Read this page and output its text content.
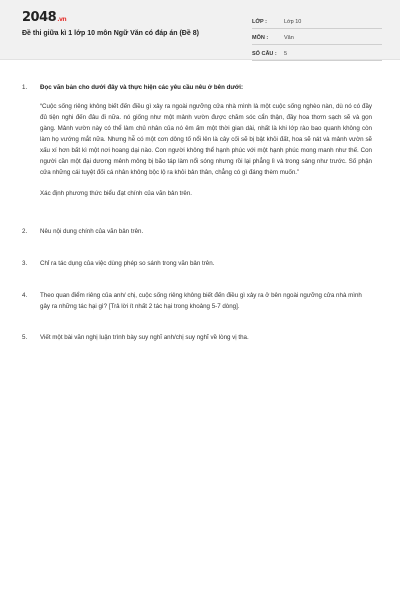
2048.vn
Đề thi giữa kì 1 lớp 10 môn Ngữ Văn có đáp án (Đề 8)
LỚP :	Lớp 10
MÔN :	Văn
SỐ CÂU :	5
1.	Đọc văn bản cho dưới đây và thực hiện các yêu cầu nêu ở bên dưới:
“Cuộc sống riêng không biết đến điều gì xảy ra ngoài ngưỡng cửa nhà mình là một cuộc sống nghèo nàn, dù nó có đầy đủ tiện nghi đến đâu đi nữa. nó giống như một mảnh vườn được chăm sóc cẩn thận, đầy hoa thơm sạch sẽ và gọn gàng. Mảnh vườn này có thể làm chủ nhân của nó êm ấm một thời gian dài, nhất là khi lớp rào bao quanh không còn làm họ vướng mắt nữa. Nhưng hễ có một cơn dông tố nổi lên là cây cối sẽ bị bật khỏi đất, hoa sẽ nát và mảnh vườn sẽ xấu xí hơn bất kì một nơi hoang dại nào. Con người không thể hạnh phúc với một hạnh phúc mong manh như thế. Con người cần một đại dương mênh mông bị bão táp làm nổi sóng nhưng rồi lại phẳng lì và trong sáng như trước. Số phận cửa những cái tuyệt đối cá nhân không bộc lộ ra khỏi bản thân, chẳng có gì đáng thèm muốn.”
Xác định phương thức biểu đạt chính của văn bản trên.
2.	Nêu nội dung chính của văn bản trên.
3.	Chỉ ra tác dụng của việc dùng phép so sánh trong văn bản trên.
4.	Theo quan điểm riêng của anh/ chị, cuộc sống riêng không biết đến điều gì xảy ra ở bên ngoài ngưỡng cửa nhà mình gây ra những tác hại gì? [Trả lời ít nhất 2 tác hại trong khoảng 5-7 dòng].
5.	Viết một bài văn nghị luận trình bày suy nghĩ anh/chị suy nghĩ về lòng vị tha.
